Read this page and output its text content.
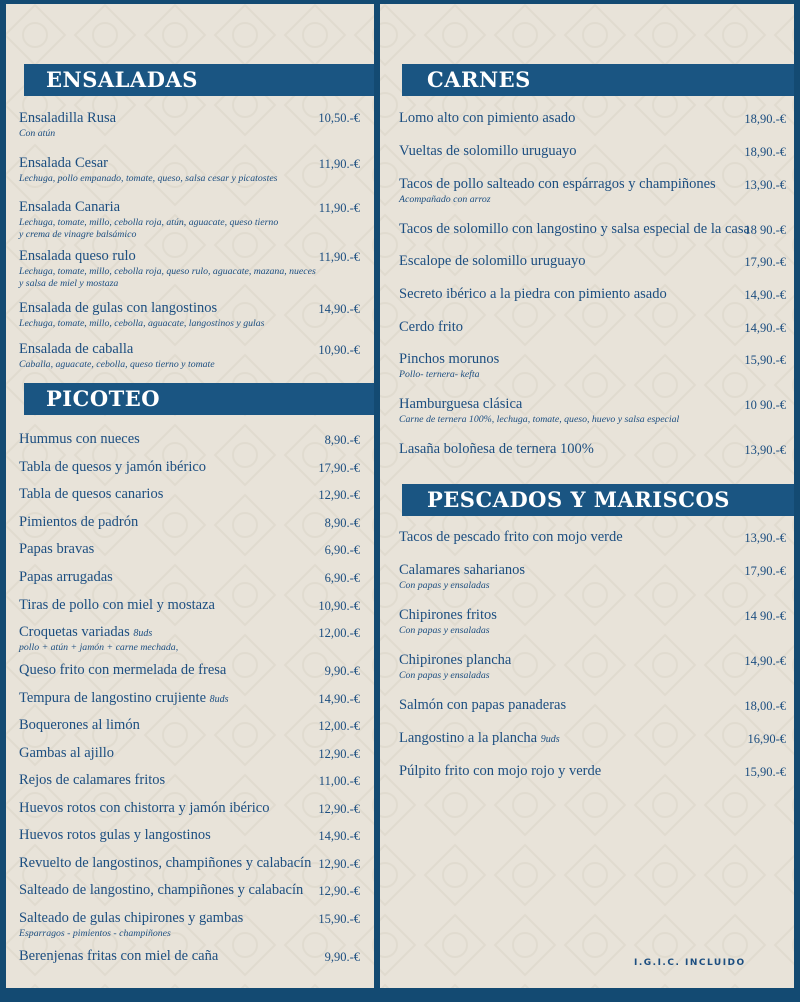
ENSALADAS
Ensaladilla Rusa
Con atún
10,50.-€
Ensalada Cesar
Lechuga, pollo empanado, tomate, queso, salsa cesar y picatostes
11,90.-€
Ensalada Canaria
Lechuga, tomate, millo, cebolla roja, atún, aguacate, queso tierno
y crema de vinagre balsámico
11,90.-€
Ensalada queso rulo
Lechuga, tomate, millo, cebolla roja, queso rulo, aguacate, mazana, nueces
y salsa de miel y mostaza
11,90.-€
Ensalada de gulas con langostinos
Lechuga, tomate, millo, cebolla, aguacate, langostinos y gulas
14,90.-€
Ensalada de caballa
Caballa, aguacate, cebolla, queso tierno y tomate
10,90.-€
PICOTEO
Hummus con nueces	8,90.-€
Tabla de quesos y jamón ibérico	17,90.-€
Tabla de quesos canarios	12,90.-€
Pimientos de padrón	8,90.-€
Papas bravas	6,90.-€
Papas arrugadas	6,90.-€
Tiras de pollo con miel y mostaza	10,90.-€
Croquetas variadas 8uds
pollo + atún + jamón + carne mechada,
12,00.-€
Queso frito con mermelada de fresa	9,90.-€
Tempura de langostino crujiente 8uds	14,90.-€
Boquerones al limón	12,00.-€
Gambas al ajillo	12,90.-€
Rejos de calamares fritos	11,00.-€
Huevos rotos con chistorra y jamón ibérico	12,90.-€
Huevos rotos gulas y langostinos	14,90.-€
Revuelto de langostinos, champiñones y calabacín 12,90.-€
Salteado de langostino, champiñones y calabacín	12,90.-€
Salteado de gulas chipirones y gambas
Esparragos - pimientos - champiñones
15,90.-€
Berenjenas fritas con miel de caña	9,90.-€
CARNES
Lomo alto con pimiento asado	18,90.-€
Vueltas de solomillo uruguayo	18,90.-€
Tacos de pollo salteado con espárragos y champiñones
Acompañado con arroz
13,90.-€
Tacos de solomillo con langostino y salsa especial de la casa
18 90.-€
Escalope de solomillo uruguayo	17,90.-€
Secreto ibérico a la piedra con pimiento asado	14,90.-€
Cerdo frito	14,90.-€
Pinchos morunos
Pollo- ternera- kefta
15,90.-€
Hamburguesa clásica
Carne de ternera 100%, lechuga, tomate, queso, huevo y salsa especial
10 90.-€
Lasaña boloñesa de ternera 100%	13,90.-€
PESCADOS Y MARISCOS
Tacos de pescado frito con mojo verde	13,90.-€
Calamares saharianos
Con papas y ensaladas
17,90.-€
Chipirones fritos
Con papas y ensaladas
14 90.-€
Chipirones plancha
Con papas y ensaladas
14,90.-€
Salmón con papas panaderas	18,00.-€
Langostino a la plancha 9uds	16,90-€
Púlpito frito con mojo rojo y verde	15,90.-€
I.G.I.C. INCLUIDO
